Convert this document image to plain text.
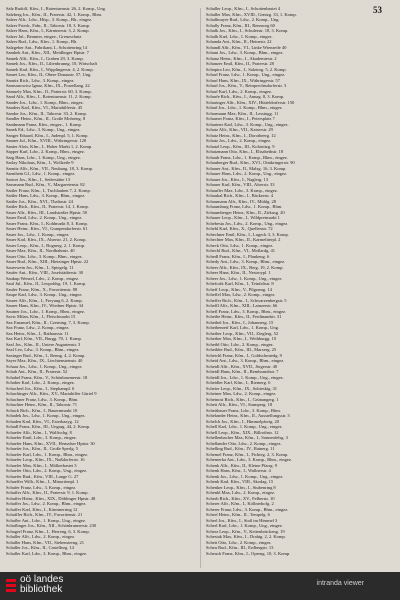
53
Salz Rudolf, Kfm., I., Rotenturmstr. 26, 2. Komp., Ung.
Salzberg Jos., Kfm., II., Praterstr. 42, 1. Komp., Bhm.
Salzer Alfr., Ldw., Hfsp., 3. Komp., Bh., eingez.
Salzer Friedr., Fabr., II., Taborstr. 18, 3. Komp.
Salzer Hans, Kfm., I., Kärntnerstr. 3, 2. Komp.
Salzer Jul., Beamter, eingez., Grenzschutz
Salzer Rud., Ldw., Kfm., 1. Komp., Bh.
Salzgeber Ant., Fabrikant, I., Schottenring 14
Sambek Ant., Kfm., XII., Meidlinger Hptstr. 7
Samek Alfr., Kfm., I., Graben 29, 3. Komp.
Samek Jos., Kfm., II., Lilienbrunng. 10, Wirtschaft
Samek Karl, Kfm., I., Wipplingerstr. 4, 2. Komp.
Samet Leo, Kfm., II., Obere Donaustr. 57, Ung.
Samitz Rich., Ldw., 3. Komp., eingez.
Samsonowicz Ignaz, Kfm., IX., Porzellang. 22
Samuely Max, Kfm., II., Praterstr. 60, 3. Komp.
Sand Alfr., Kfm., I., Rotenturmstr. 11, 2. Komp.
Sander Jos., Ldw., 1. Komp., Bhm., eingez.
Sanders Karl, Kfm., VI., Mariahilferstr. 45
Sandor Jos., Kfm., II., Taborstr. 33, 2. Komp.
Sandler Heinr., Kfm., II., Große Mohreng. 8
Sandmann Franz, Kfm., eingez., 1. Komp.
Sanek Ed., Ldw., 3. Komp., Ung., eingez.
Sanger Eduard, Kfm., I., Judenpl. 5, 1. Komp.
Sanner Jul., Kfm., XVIII., Währingerstr. 120
Santer Alois, Kfm., I., Hoher Markt 1, 2. Komp.
Sapper Karl, Ldw., 2. Komp., Bhm., eingez.
Sarg Hans, Ldw., 1. Komp., Ung., eingez.
Sarlay Nikolaus, Kfm., I., Wollzeile 9
Sarnitz Alfr., Kfm., VII., Neubaug. 18, 3. Komp.
Sarnthein Gf., Ldw., 1. Komp., eingez.
Sartori Jos., Kfm., I., Seilerstätte 13
Sassmann Rud., Kfm., V., Margaretenstr. 82
Sattler Franz, Kfm., I., Tuchlauben 7, 2. Komp.
Sattler Hans, Ldw., 3. Komp., Bhm., eingez.
Sattler Jos., Kfm., XVI., Thaliastr. 24
Sattler Rich., Kfm., II., Praterstr. 14, 1. Komp.
Sauer Alfr., Kfm., III., Landstraßer Hptstr. 50
Sauer Emil, Ldw., 2. Komp., Ung., eingez.
Sauer Franz, Kfm., I., Kohlmarkt 8, 3. Komp.
Sauer Heinr., Kfm., VI., Gumpendorferstr. 61
Sauer Jos., Ldw., 1. Komp., eingez.
Sauer Karl, Kfm., IX., Alserstr. 21, 2. Komp.
Sauer Leop., Kfm., I., Bognerg. 2, 1. Komp.
Sauer Max, Kfm., II., Nordbahnstr. 40
Sauer Otto, Ldw., 3. Komp., Bhm., eingez.
Sauer Rud., Kfm., XIII., Hietzinger Hptstr. 22
Sauerwein Jos., Kfm., I., Spiegelg. 11
Saufer Ant., Kfm., VIII., Josefstädterstr. 30
Saukup Wenzel, Ldw., 2. Komp., eingez.
Saul Jul., Kfm., II., Leopoldsg. 19, 1. Komp.
Sauler Franz, Kfm., X., Favoritenstr. 88
Saupe Karl, Ldw., 3. Komp., Ung., eingez.
Saurer Alfr., Kfm., I., Freyung 6, 2. Komp.
Saurer Hans, Kfm., IV., Wiedner Hptstr. 34
Sautner Jos., Ldw., 1. Komp., Bhm., eingez.
Savic Milan, Kfm., I., Fleischmarkt 15
Sax Emanuel, Kfm., II., Czerning. 7, 3. Komp.
Sax Franz, Ldw., 2. Komp., eingez.
Sax Heinr., Kfm., I., Rathausstr. 11
Sax Karl, Kfm., VII., Burgg. 70, 1. Komp.
Saxl Jos., Kfm., II., Untere Augartenstr. 3
Saxl Leo, Ldw., 3. Komp., Bhm., eingez.
Saxinger Rud., Kfm., I., Renng. 4, 2. Komp.
Sayer Max, Kfm., IX., Liechtensteinstr. 40
Schaar Jos., Ldw., 1. Komp., Ung., eingez.
Schab Ant., Kfm., II., Praterstr. 52
Schabel Franz, Kfm., V., Schönbrunnerstr. 18
Schaber Karl, Ldw., 2. Komp., eingez.
Schacherl Jos., Kfm., I., Stephanspl. 6
Schachinger Alfr., Kfm., XV., Mariahilfer Gürtel 9
Schachner Franz, Ldw., 3. Komp., Bhm.
Schachter Heinr., Kfm., II., Taborstr. 71
Schack Rich., Kfm., I., Bauernmarkt 10
Schadek Jos., Ldw., 1. Komp., Ung., eingez.
Schaden Karl, Kfm., VI., Esterhazyg. 12
Schadl Franz, Kfm., III., Ungarg. 44, 2. Komp.
Schaefer Alfr., Kfm., I., Walfischg. 8
Schaefer Emil, Ldw., 3. Komp., eingez.
Schaefer Hans, Kfm., XVII., Hernalser Hptstr. 30
Schaefer Jos., Kfm., II., Große Sperlg. 5
Schaefer Karl, Ldw., 1. Komp., Bhm., eingez.
Schaefer Leop., Kfm., IX., Nußdorferstr. 16
Schaefer Max, Kfm., I., Mölkerbastei 3
Schaefer Otto, Ldw., 2. Komp., Ung., eingez.
Schaefer Rud., Kfm., VIII., Lange G. 27
Schaeffer Wilh., Kfm., I., Minoritenpl. 1
Schafer Franz, Ldw., 3. Komp., eingez.
Schaffer Alfr., Kfm., II., Praterstr. 9, 1. Komp.
Schaffer Heinr., Kfm., XIX., Döblinger Hptstr. 48
Schaffer Jos., Ldw., 2. Komp., Bhm., eingez.
Schaffer Karl, Kfm., I., Kärntnerring 12
Schaffler Rich., Kfm., IV., Favoritenstr. 21
Schafler Ant., Ldw., 1. Komp., Ung., eingez.
Schaflinger Jos., Kfm., XII., Schönbrunnerstr. 230
Schagerl Franz, Kfm., I., Herreng. 6, 3. Komp.
Schaller Alfr., Ldw., 2. Komp., eingez.
Schaller Hans, Kfm., VII., Siebensterng. 21
Schaller Jos., Kfm., II., Castellezg. 14
Schaller Karl, Ldw., 3. Komp., Bhm., eingez.
Schaller Leop., Kfm., I., Schottenbastei 4
Schaller Max, Kfm., XVIII., Gentzg. 33, 1. Komp.
Schallmayer Rud., Ldw., 2. Komp., Ung.
Schally Franz, Kfm., III., Rennweg 60
Schalk Jos., Kfm., I., Schulerstr. 18, 3. Komp.
Schalk Karl, Ldw., 1. Komp., eingez.
Schanda Ant., Kfm., II., Heinestr. 22
Schandl Alfr., Kfm., VI., Linke Wienzeile 40
Schani Jos., Ldw., 3. Komp., Bhm., eingez.
Schanz Heinr., Kfm., I., Akademiestr. 2
Schanzer Emil, Kfm., II., Praterstr. 28
Schapira Leo, Kfm., I., Salztorg. 5, 2. Komp.
Scharf Franz, Ldw., 1. Komp., Ung., eingez.
Scharf Hans, Kfm., IX., Währingerstr. 57
Scharf Jos., Kfm., V., Reinprechtsdorferstr. 3
Scharf Karl, Ldw., 2. Komp., eingez.
Scharfe Rich., Kfm., I., Annag. 8, 3. Komp.
Scharinger Alfr., Kfm., XIV., Hütteldorferstr. 150
Scharl Jos., Ldw., 1. Komp., Bhm., eingez.
Scharmann Max, Kfm., II., Lessingg. 11
Scharner Franz, Kfm., I., Petersplatz 7
Schartner Karl, Ldw., 3. Komp., Ung., eingez.
Schatz Alfr., Kfm., VII., Kaiserstr. 29
Schatz Heinr., Kfm., I., Dorotheerg. 12
Schatz Jos., Ldw., 2. Komp., eingez.
Schatzl Leop., Kfm., III., Kolonitzg. 9
Schatzmann Otto, Kfm., I., Elisabethstr. 18
Schaub Franz, Ldw., 1. Komp., Bhm., eingez.
Schauberger Rud., Kfm., XVI., Ottakringerstr. 90
Schauer Ant., Kfm., II., Malzg. 16, 3. Komp.
Schauer Hans, Ldw., 2. Komp., Ung., eingez.
Schauer Jos., Kfm., I., Naglerg. 13
Schauer Karl, Kfm., VIII., Alserstr. 33
Schaufler Max, Ldw., 3. Komp., eingez.
Schaukal Rich., Kfm., I., Bäckerstr. 4
Schaumann Alfr., Kfm., IV., Mühlg. 28
Schaumburg Franz, Ldw., 1. Komp., Bhm.
Schaumberger Heinr., Kfm., II., Zirkusg. 20
Schauer Leop., Kfm., I., Wildpretmarkt 1
Schebesta Jos., Ldw., 2. Komp., Ung., eingez.
Schebl Karl, Kfm., X., Quellenstr. 72
Schechner Emil, Kfm., I., Lugeck 3, 3. Komp.
Schechter Max, Kfm., II., Karmeliterpl. 2
Scheck Otto, Ldw., 1. Komp., eingez.
Scheckl Rud., Kfm., VI., Mollardg. 41
Schedl Franz, Kfm., I., Plankeng. 6
Schedy Ant., Ldw., 3. Komp., Bhm., eingez.
Scheer Alfr., Kfm., IX., Berg. 19, 2. Komp.
Scheer Hans, Kfm., II., Nestroypl. 1
Scheer Jos., Ldw., 1. Komp., Ung., eingez.
Schefczik Karl, Kfm., I., Teinfaltstr. 8
Scheff Leop., Kfm., V., Pilgramg. 14
Scheffel Max, Ldw., 2. Komp., eingez.
Scheffer Rich., Kfm., I., Schwarzenbergstr. 5
Scheffl Alfr., Kfm., XIII., Lainzerstr. 66
Schefl Franz, Ldw., 3. Komp., Bhm., eingez.
Scheibe Heinr., Kfm., II., Ferdinandstr. 31
Scheibel Jos., Kfm., I., Johannesg. 15
Scheibenreif Karl, Ldw., 1. Komp., Ung.
Scheiber Leop., Kfm., VII., Zieglerg. 52
Scheiber Max, Kfm., I., Weihburgg. 10
Scheibl Otto, Ldw., 2. Komp., eingez.
Scheibler Rud., Kfm., III., Marxerg. 25
Scheichl Franz, Kfm., I., Goldschmiedg. 9
Scheid Ant., Ldw., 3. Komp., Bhm., eingez.
Scheidl Alfr., Kfm., XVII., Jörgerstr. 40
Scheidl Hans, Kfm., II., Rembrandtstr. 7
Scheidl Jos., Ldw., 1. Komp., Ung., eingez.
Scheidler Karl, Kfm., I., Riemerg. 6
Scheier Leop., Kfm., IX., Sobieskig. 31
Scheiner Max, Ldw., 2. Komp., eingez.
Scheinost Rich., Kfm., I., Grünangerg. 1
Scheit Alfr., Kfm., VI., Stumperg. 18
Scheithauer Franz, Ldw., 3. Komp., Bhm.
Schelander Heinr., Kfm., II., Ausstellungsstr. 3
Schelch Jos., Kfm., I., Himmelpfortg. 20
Schell Karl, Ldw., 1. Komp., Ung., eingez.
Schell Leop., Kfm., XIX., Billrothstr. 12
Schellenbacher Max, Kfm., I., Sonnenfelsg. 3
Schellander Otto, Ldw., 2. Komp., eingez.
Schelling Rud., Kfm., IV., Rainerg. 11
Schemel Franz, Kfm., I., Fichteg. 2, 3. Komp.
Schemerka Ant., Ldw., 3. Komp., Bhm., eingez.
Schenk Alfr., Kfm., II., Kleine Pfarrg. 9
Schenk Hans, Kfm., I., Wallnerstr. 4
Schenk Jos., Ldw., 1. Komp., Ung., eingez.
Schenk Karl, Kfm., VIII., Skodag. 15
Schenker Leop., Kfm., I., Stubenring 8
Schenkl Max, Ldw., 2. Komp., eingez.
Scherb Rich., Kfm., XV., Felberstr. 10
Scherer Alfr., Kfm., I., Köllnerhofg. 2
Scherer Franz, Ldw., 3. Komp., Bhm., eingez.
Scherf Heinr., Kfm., II., Tempelg. 6
Scherl Jos., Kfm., I., Stoß im Himmel 3
Scherl Karl, Ldw., 1. Komp., Ung., eingez.
Scherz Leop., Kfm., V., Kettenbrückeng. 19
Schestak Max, Kfm., I., Drahtg. 2, 2. Komp.
Schett Otto, Ldw., 2. Komp., eingez.
Scheu Rud., Kfm., III., Erdbergstr. 13
Scheuch Franz, Kfm., I., Operng. 10, 3. Komp.
oö landes
bibliothek
intranda viewer
